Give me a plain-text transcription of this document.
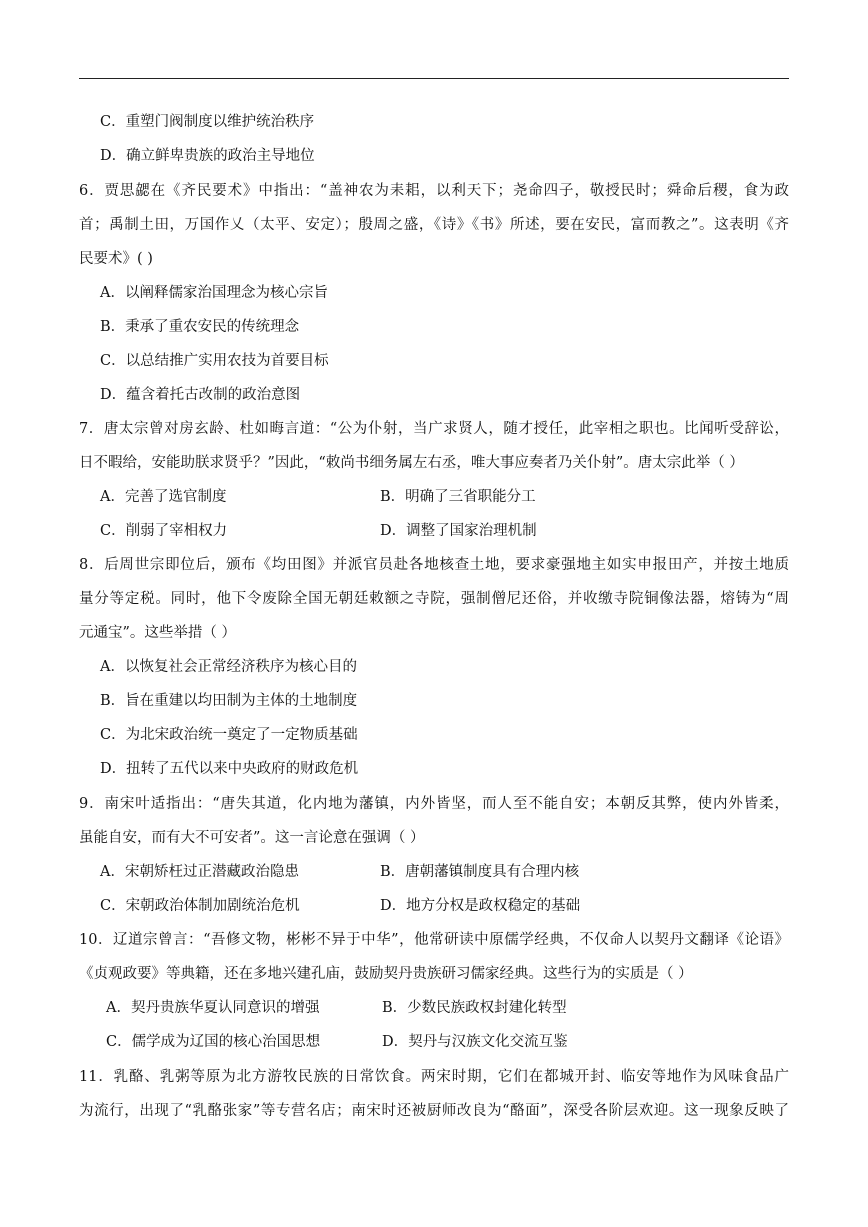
C．重塑门阀制度以维护统治秩序
D．确立鲜卑贵族的政治主导地位
6．贾思勰在《齐民要术》中指出：“盖神农为耒耜，以利天下；尧命四子，敬授民时；舜命后稷，食为政
首；禹制土田，万国作乂（太平、安定）；殷周之盛，《诗》《书》所述，要在安民，富而教之”。这表明《齐
民要术》( )
A．以阐释儒家治国理念为核心宗旨
B．秉承了重农安民的传统理念
C．以总结推广实用农技为首要目标
D．蕴含着托古改制的政治意图
7．唐太宗曾对房玄龄、杜如晦言道：“公为仆射，当广求贤人，随才授任，此宰相之职也。比闻听受辞讼，
日不暇给，安能助朕求贤乎？”因此，“敕尚书细务属左右丞，唯大事应奏者乃关仆射”。唐太宗此举（ ）
A．完善了选官制度	B．明确了三省职能分工
C．削弱了宰相权力	D．调整了国家治理机制
8．后周世宗即位后，颁布《均田图》并派官员赴各地核查土地，要求豪强地主如实申报田产，并按土地质
量分等定税。同时，他下令废除全国无朝廷敕额之寺院，强制僧尼还俗，并收缴寺院铜像法器，熔铸为“周
元通宝”。这些举措（ ）
A．以恢复社会正常经济秩序为核心目的
B．旨在重建以均田制为主体的土地制度
C．为北宋政治统一奠定了一定物质基础
D．扭转了五代以来中央政府的财政危机
9．南宋叶适指出：“唐失其道，化内地为藩镇，内外皆坚，而人至不能自安；本朝反其弊，使内外皆柔，
虽能自安，而有大不可安者”。这一言论意在强调（ ）
A．宋朝矫枉过正潜藏政治隐患	B．唐朝藩镇制度具有合理内核
C．宋朝政治体制加剧统治危机	D．地方分权是政权稳定的基础
10．辽道宗曾言：“吾修文物，彬彬不异于中华”，他常研读中原儒学经典，不仅命人以契丹文翻译《论语》
《贞观政要》等典籍，还在多地兴建孔庙，鼓励契丹贵族研习儒家经典。这些行为的实质是（ ）
A．契丹贵族华夏认同意识的增强	B．少数民族政权封建化转型
C．儒学成为辽国的核心治国思想	D．契丹与汉族文化交流互鉴
11．乳酪、乳粥等原为北方游牧民族的日常饮食。两宋时期，它们在都城开封、临安等地作为风味食品广
为流行，出现了“乳酪张家”等专营名店；南宋时还被厨师改良为“酪面”，深受各阶层欢迎。这一现象反映了
